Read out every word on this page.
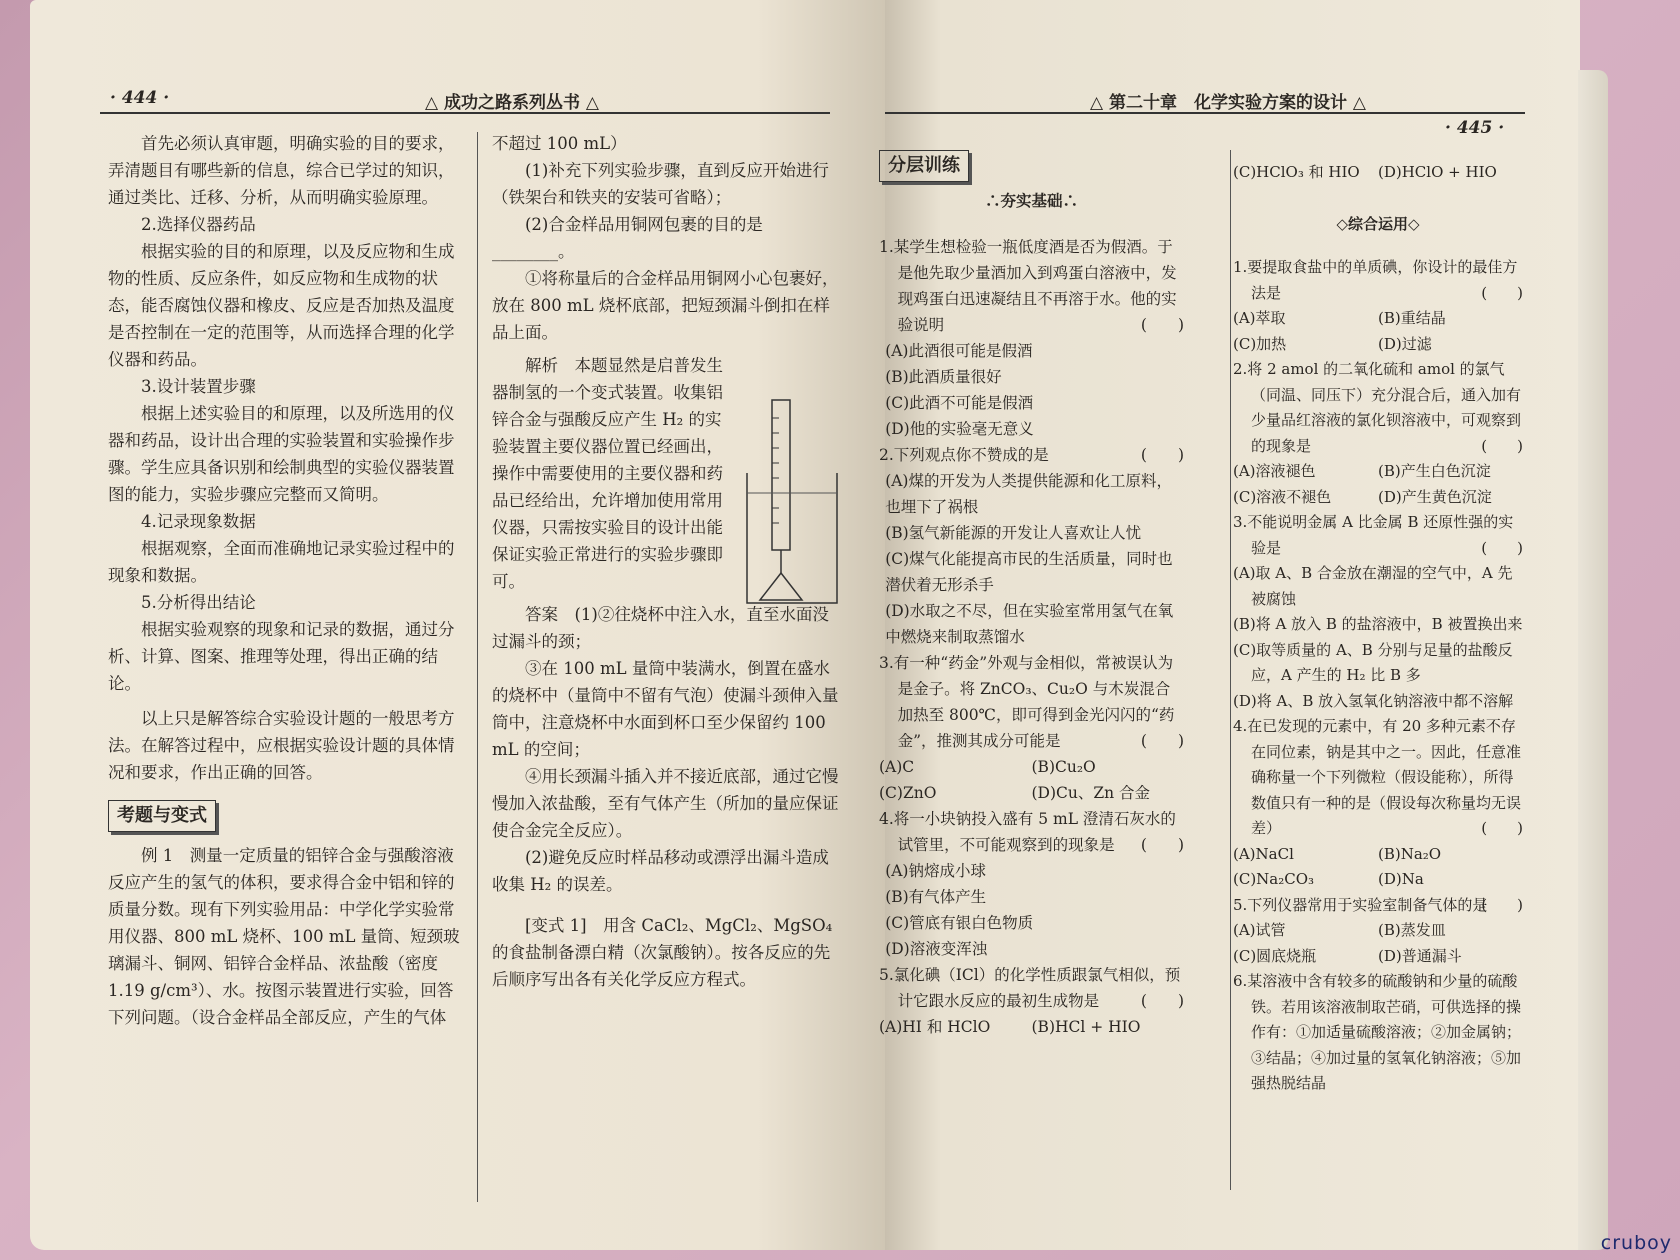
· 444 ·	△ 成功之路系列丛书 △

首先必须认真审题，明确实验的目的要求，弄清题目有哪些新的信息，综合已学过的知识，通过类比、迁移、分析，从而明确实验原理。

2.选择仪器药品

根据实验的目的和原理，以及反应物和生成物的性质、反应条件，如反应物和生成物的状态，能否腐蚀仪器和橡皮、反应是否加热及温度是否控制在一定的范围等，从而选择合理的化学仪器和药品。

3.设计装置步骤

根据上述实验目的和原理，以及所选用的仪器和药品，设计出合理的实验装置和实验操作步骤。学生应具备识别和绘制典型的实验仪器装置图的能力，实验步骤应完整而又简明。

4.记录现象数据

根据观察，全面而准确地记录实验过程中的现象和数据。

5.分析得出结论

根据实验观察的现象和记录的数据，通过分析、计算、图案、推理等处理，得出正确的结论。

以上只是解答综合实验设计题的一般思考方法。在解答过程中，应根据实验设计题的具体情况和要求，作出正确的回答。

考题与变式

例 1　测量一定质量的铝锌合金与强酸溶液反应产生的氢气的体积，要求得合金中铝和锌的质量分数。现有下列实验用品：中学化学实验常用仪器、800 mL 烧杯、100 mL 量筒、短颈玻璃漏斗、铜网、铝锌合金样品、浓盐酸（密度 1.19 g/cm³）、水。按图示装置进行实验，回答下列问题。（设合金样品全部反应，产生的气体

不超过 100 mL）

(1)补充下列实验步骤，直到反应开始进行（铁架台和铁夹的安装可省略）；

(2)合金样品用铜网包裹的目的是________。

①将称量后的合金样品用铜网小心包裹好，放在 800 mL 烧杯底部，把短颈漏斗倒扣在样品上面。

解析　本题显然是启普发生器制氢的一个变式装置。收集铝锌合金与强酸反应产生 H₂ 的实验装置主要仪器位置已经画出，操作中需要使用的主要仪器和药品已经给出，允许增加使用常用仪器，只需按实验目的设计出能保证实验正常进行的实验步骤即可。

答案　(1)②往烧杯中注入水，直至水面没过漏斗的颈；

③在 100 mL 量筒中装满水，倒置在盛水的烧杯中（量筒中不留有气泡）使漏斗颈伸入量筒中，注意烧杯中水面到杯口至少保留约 100 mL 的空间；

④用长颈漏斗插入并不接近底部，通过它慢慢加入浓盐酸，至有气体产生（所加的量应保证使合金完全反应）。

(2)避免反应时样品移动或漂浮出漏斗造成收集 H₂ 的误差。

[变式 1]　用含 CaCl₂、MgCl₂、MgSO₄ 的食盐制备漂白精（次氯酸钠）。按各反应的先后顺序写出各有关化学反应方程式。

△ 第二十章　化学实验方案的设计 △
· 445 ·
分层训练

∴夯实基础∴

1.某学生想检验一瓶低度酒是否为假酒。于是他先取少量酒加入到鸡蛋白溶液中，发现鸡蛋白迅速凝结且不再溶于水。他的实验说明	(　　)

(A)此酒很可能是假酒

(B)此酒质量很好

(C)此酒不可能是假酒

(D)他的实验毫无意义

2.下列观点你不赞成的是	(　　)

(A)煤的开发为人类提供能源和化工原料，也埋下了祸根

(B)氢气新能源的开发让人喜欢让人忧

(C)煤气化能提高市民的生活质量，同时也潜伏着无形杀手

(D)水取之不尽，但在实验室常用氢气在氧中燃烧来制取蒸馏水

3.有一种“药金”外观与金相似，常被误认为是金子。将 ZnCO₃、Cu₂O 与木炭混合加热至 800℃，即可得到金光闪闪的“药金”，推测其成分可能是	(　　)

(A)C	(B)Cu₂O
(C)ZnO	(D)Cu、Zn 合金

4.将一小块钠投入盛有 5 mL 澄清石灰水的试管里，不可能观察到的现象是 (　　)

(A)钠熔成小球

(B)有气体产生

(C)管底有银白色物质

(D)溶液变浑浊

5.氯化碘（ICl）的化学性质跟氯气相似，预计它跟水反应的最初生成物是	(　　)

(A)HI 和 HClO	(B)HCl + HIO
(C)HClO₃ 和 HIO	(D)HClO + HIO

◇综合运用◇

1.要提取食盐中的单质碘，你设计的最佳方法是	(　　)

(A)萃取	(B)重结晶
(C)加热	(D)过滤

2.将 2 amol 的二氧化硫和 amol 的氯气（同温、同压下）充分混合后，通入加有少量品红溶液的氯化钡溶液中，可观察到的现象是	(　　)

(A)溶液褪色	(B)产生白色沉淀
(C)溶液不褪色	(D)产生黄色沉淀

3.不能说明金属 A 比金属 B 还原性强的实验是	(　　)

(A)取 A、B 合金放在潮湿的空气中，A 先被腐蚀

(B)将 A 放入 B 的盐溶液中，B 被置换出来

(C)取等质量的 A、B 分别与足量的盐酸反应，A 产生的 H₂ 比 B 多

(D)将 A、B 放入氢氧化钠溶液中都不溶解

4.在已发现的元素中，有 20 多种元素不存在同位素，钠是其中之一。因此，任意准确称量一个下列微粒（假设能称），所得数值只有一种的是（假设每次称量均无误差）	(　　)

(A)NaCl	(B)Na₂O
(C)Na₂CO₃	(D)Na

5.下列仪器常用于实验室制备气体的是
(　　)

(A)试管	(B)蒸发皿
(C)圆底烧瓶	(D)普通漏斗

6.某溶液中含有较多的硫酸钠和少量的硫酸铁。若用该溶液制取芒硝，可供选择的操作有：①加适量硫酸溶液；②加金属钠；③结晶；④加过量的氢氧化钠溶液；⑤加强热脱结晶

cruboy
